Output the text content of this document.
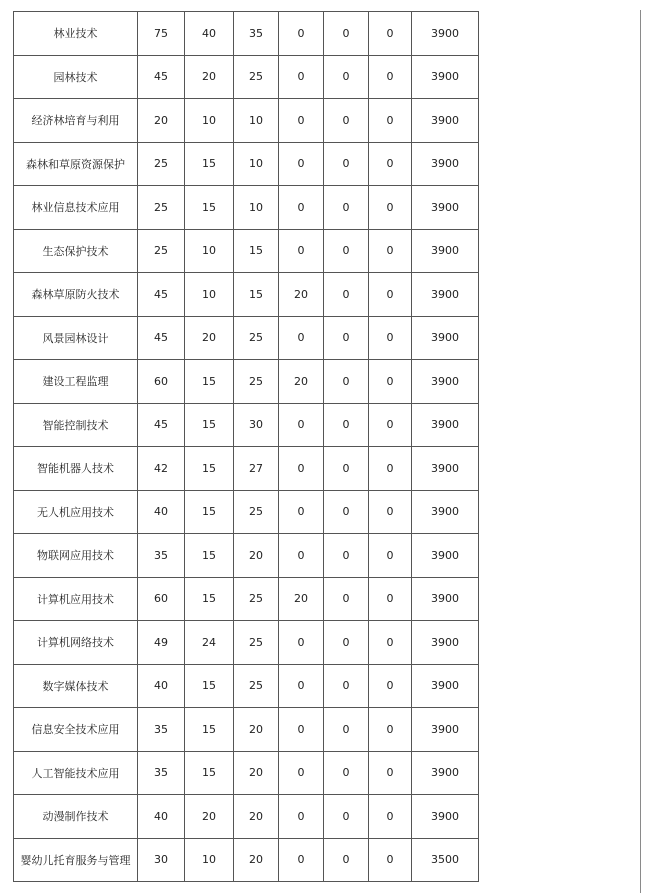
林业技术	75	40	35	0	0	0	3900
园林技术	45	20	25	0	0	0	3900
经济林培育与利用	20	10	10	0	0	0	3900
森林和草原资源保护	25	15	10	0	0	0	3900
林业信息技术应用	25	15	10	0	0	0	3900
生态保护技术	25	10	15	0	0	0	3900
森林草原防火技术	45	10	15	20	0	0	3900
风景园林设计	45	20	25	0	0	0	3900
建设工程监理	60	15	25	20	0	0	3900
智能控制技术	45	15	30	0	0	0	3900
智能机器人技术	42	15	27	0	0	0	3900
无人机应用技术	40	15	25	0	0	0	3900
物联网应用技术	35	15	20	0	0	0	3900
计算机应用技术	60	15	25	20	0	0	3900
计算机网络技术	49	24	25	0	0	0	3900
数字媒体技术	40	15	25	0	0	0	3900
信息安全技术应用	35	15	20	0	0	0	3900
人工智能技术应用	35	15	20	0	0	0	3900
动漫制作技术	40	20	20	0	0	0	3900
婴幼儿托育服务与管理	30	10	20	0	0	0	3500
